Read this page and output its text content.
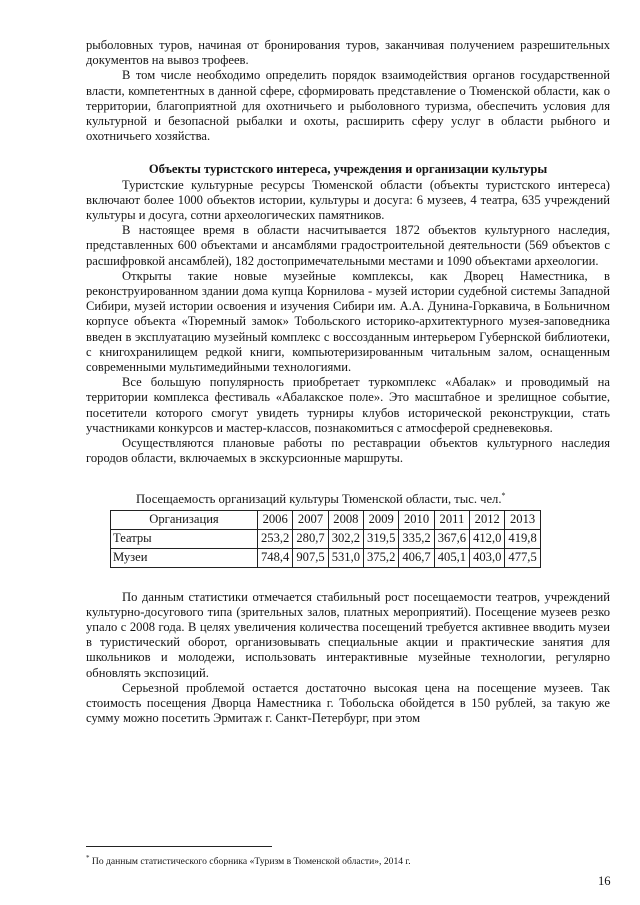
рыболовных туров, начиная от бронирования туров, заканчивая получением разрешительных документов на вывоз трофеев.

В том числе необходимо определить порядок взаимодействия органов государственной власти, компетентных в данной сфере, сформировать представление о Тюменской области, как о территории, благоприятной для охотничьего и рыболовного туризма, обеспечить условия для культурной и безопасной рыбалки и охоты, расширить сферу услуг в области рыбного и охотничьего хозяйства.

Объекты туристского интереса, учреждения и организации культуры

Туристские культурные ресурсы Тюменской области (объекты туристского интереса) включают более 1000 объектов истории, культуры и досуга: 6 музеев, 4 театра, 635 учреждений культуры и досуга, сотни археологических памятников.

В настоящее время в области насчитывается 1872 объектов культурного наследия, представленных 600 объектами и ансамблями градостроительной деятельности (569 объектов с расшифровкой ансамблей), 182 достопримечательными местами и 1090 объектами археологии.

Открыты такие новые музейные комплексы, как Дворец Наместника, в реконструированном здании дома купца Корнилова - музей истории судебной системы Западной Сибири, музей истории освоения и изучения Сибири им. А.А. Дунина-Горкавича, в Больничном корпусе объекта «Тюремный замок» Тобольского историко-архитектурного музея-заповедника введен в эксплуатацию музейный комплекс с воссозданным интерьером Губернской библиотеки, с книгохранилищем редкой книги, компьютеризированным читальным залом, оснащенным современными мультимедийными технологиями.

Все большую популярность приобретает туркомплекс «Абалак» и проводимый на территории комплекса фестиваль «Абалакское поле». Это масштабное и зрелищное событие, посетители которого смогут увидеть турниры клубов исторической реконструкции, стать участниками конкурсов и мастер-классов, познакомиться с атмосферой средневековья.

Осуществляются плановые работы по реставрации объектов культурного наследия городов области, включаемых в экскурсионные маршруты.

Посещаемость организаций культуры Тюменской области, тыс. чел.*
Организация	2006	2007	2008	2009	2010	2011	2012	2013
Театры	253,2	280,7	302,2	319,5	335,2	367,6	412,0	419,8
Музеи	748,4	907,5	531,0	375,2	406,7	405,1	403,0	477,5

По данным статистики отмечается стабильный рост посещаемости театров, учреждений культурно-досугового типа (зрительных залов, платных мероприятий). Посещение музеев резко упало с 2008 года. В целях увеличения количества посещений требуется активнее вводить музеи в туристический оборот, организовывать специальные акции и практические занятия для школьников и молодежи, использовать интерактивные музейные технологии, регулярно обновлять экспозиций.

Серьезной проблемой остается достаточно высокая цена на посещение музеев. Так стоимость посещения Дворца Наместника г. Тобольска обойдется в 150 рублей, за такую же сумму можно посетить Эрмитаж г. Санкт-Петербург, при этом

* По данным статистического сборника «Туризм в Тюменской области», 2014 г.
16
